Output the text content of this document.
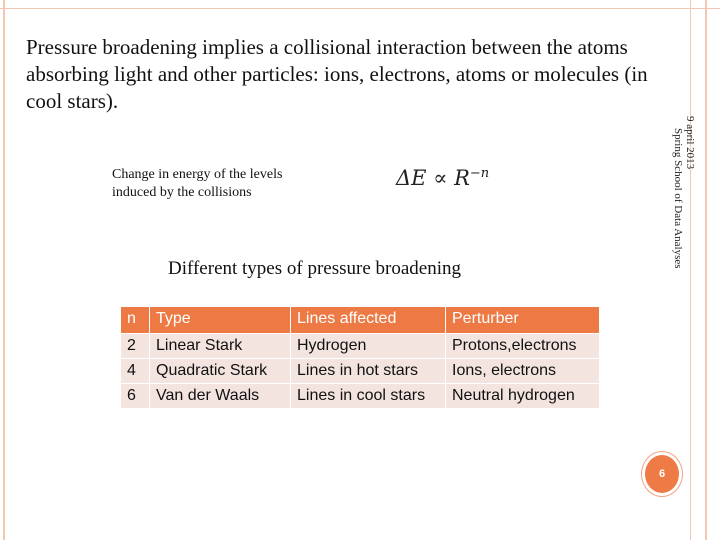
Pressure broadening implies a collisional interaction between the atoms absorbing light and other particles: ions, electrons, atoms or molecules (in cool stars).
9 april 2013
Spring School of Data Analyses
Change in energy of the levels
induced by the collisions
$\Delta E \propto R^{-n}$
Different types of pressure broadening
n	Type	Lines affected	Perturber
2	Linear Stark	Hydrogen	Protons,electrons
4	Quadratic Stark	Lines in hot stars	Ions, electrons
6	Van der Waals	Lines in cool stars	Neutral hydrogen
6
